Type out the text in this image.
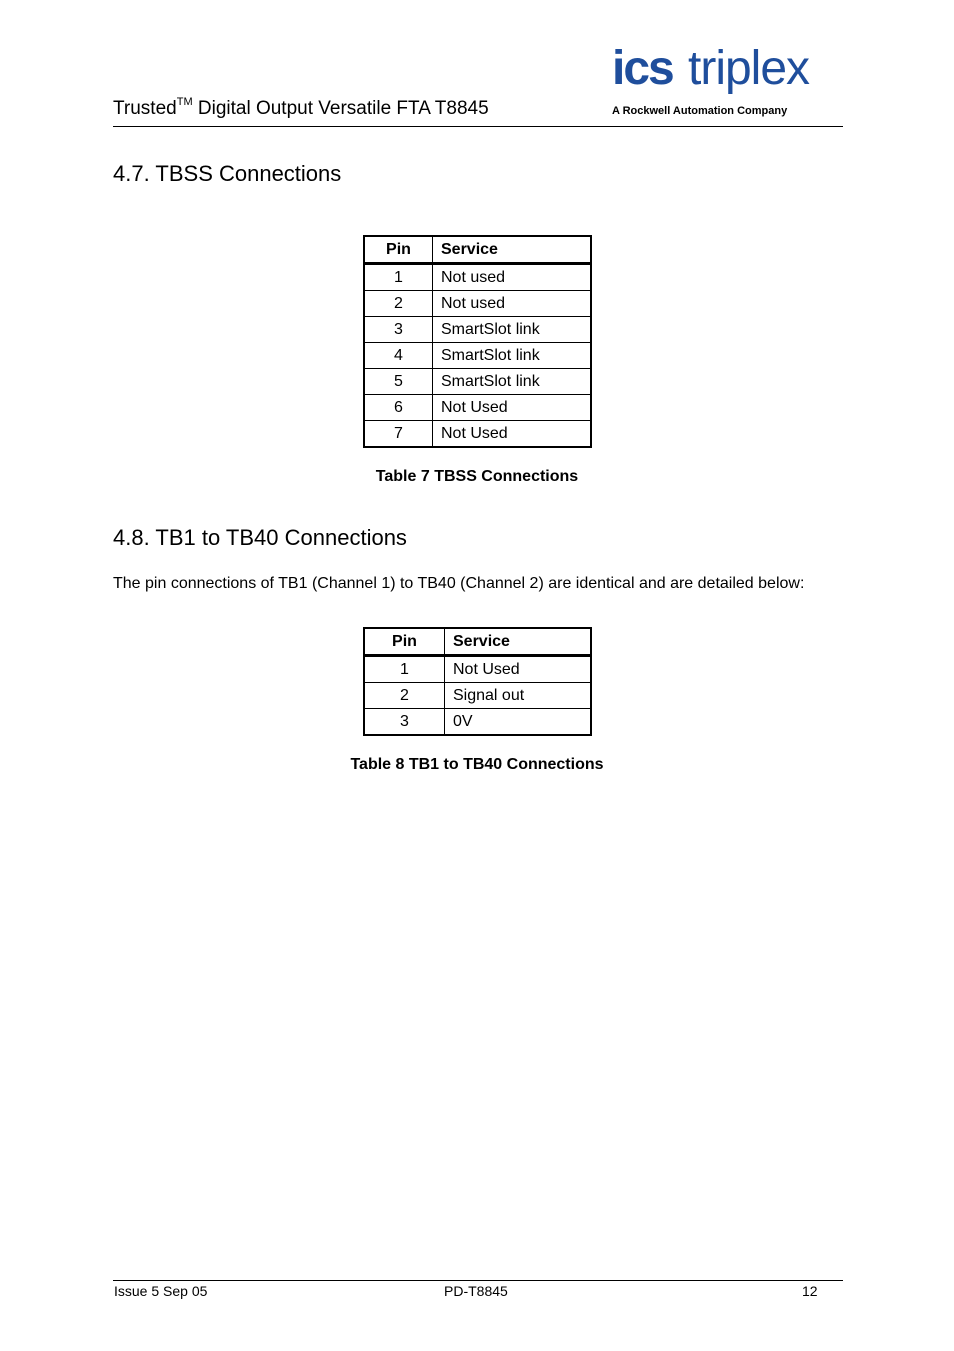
Trusted™ Digital Output Versatile FTA T8845
ics triplex
A Rockwell Automation Company
4.7. TBSS Connections
Pin	Service
1	Not used
2	Not used
3	SmartSlot link
4	SmartSlot link
5	SmartSlot link
6	Not Used
7	Not Used
Table 7 TBSS Connections
4.8. TB1 to TB40 Connections
The pin connections of TB1 (Channel 1) to TB40 (Channel 2) are identical and are detailed below:
Pin	Service
1	Not Used
2	Signal out
3	0V
Table 8 TB1 to TB40 Connections
Issue 5 Sep 05	PD-T8845	12
